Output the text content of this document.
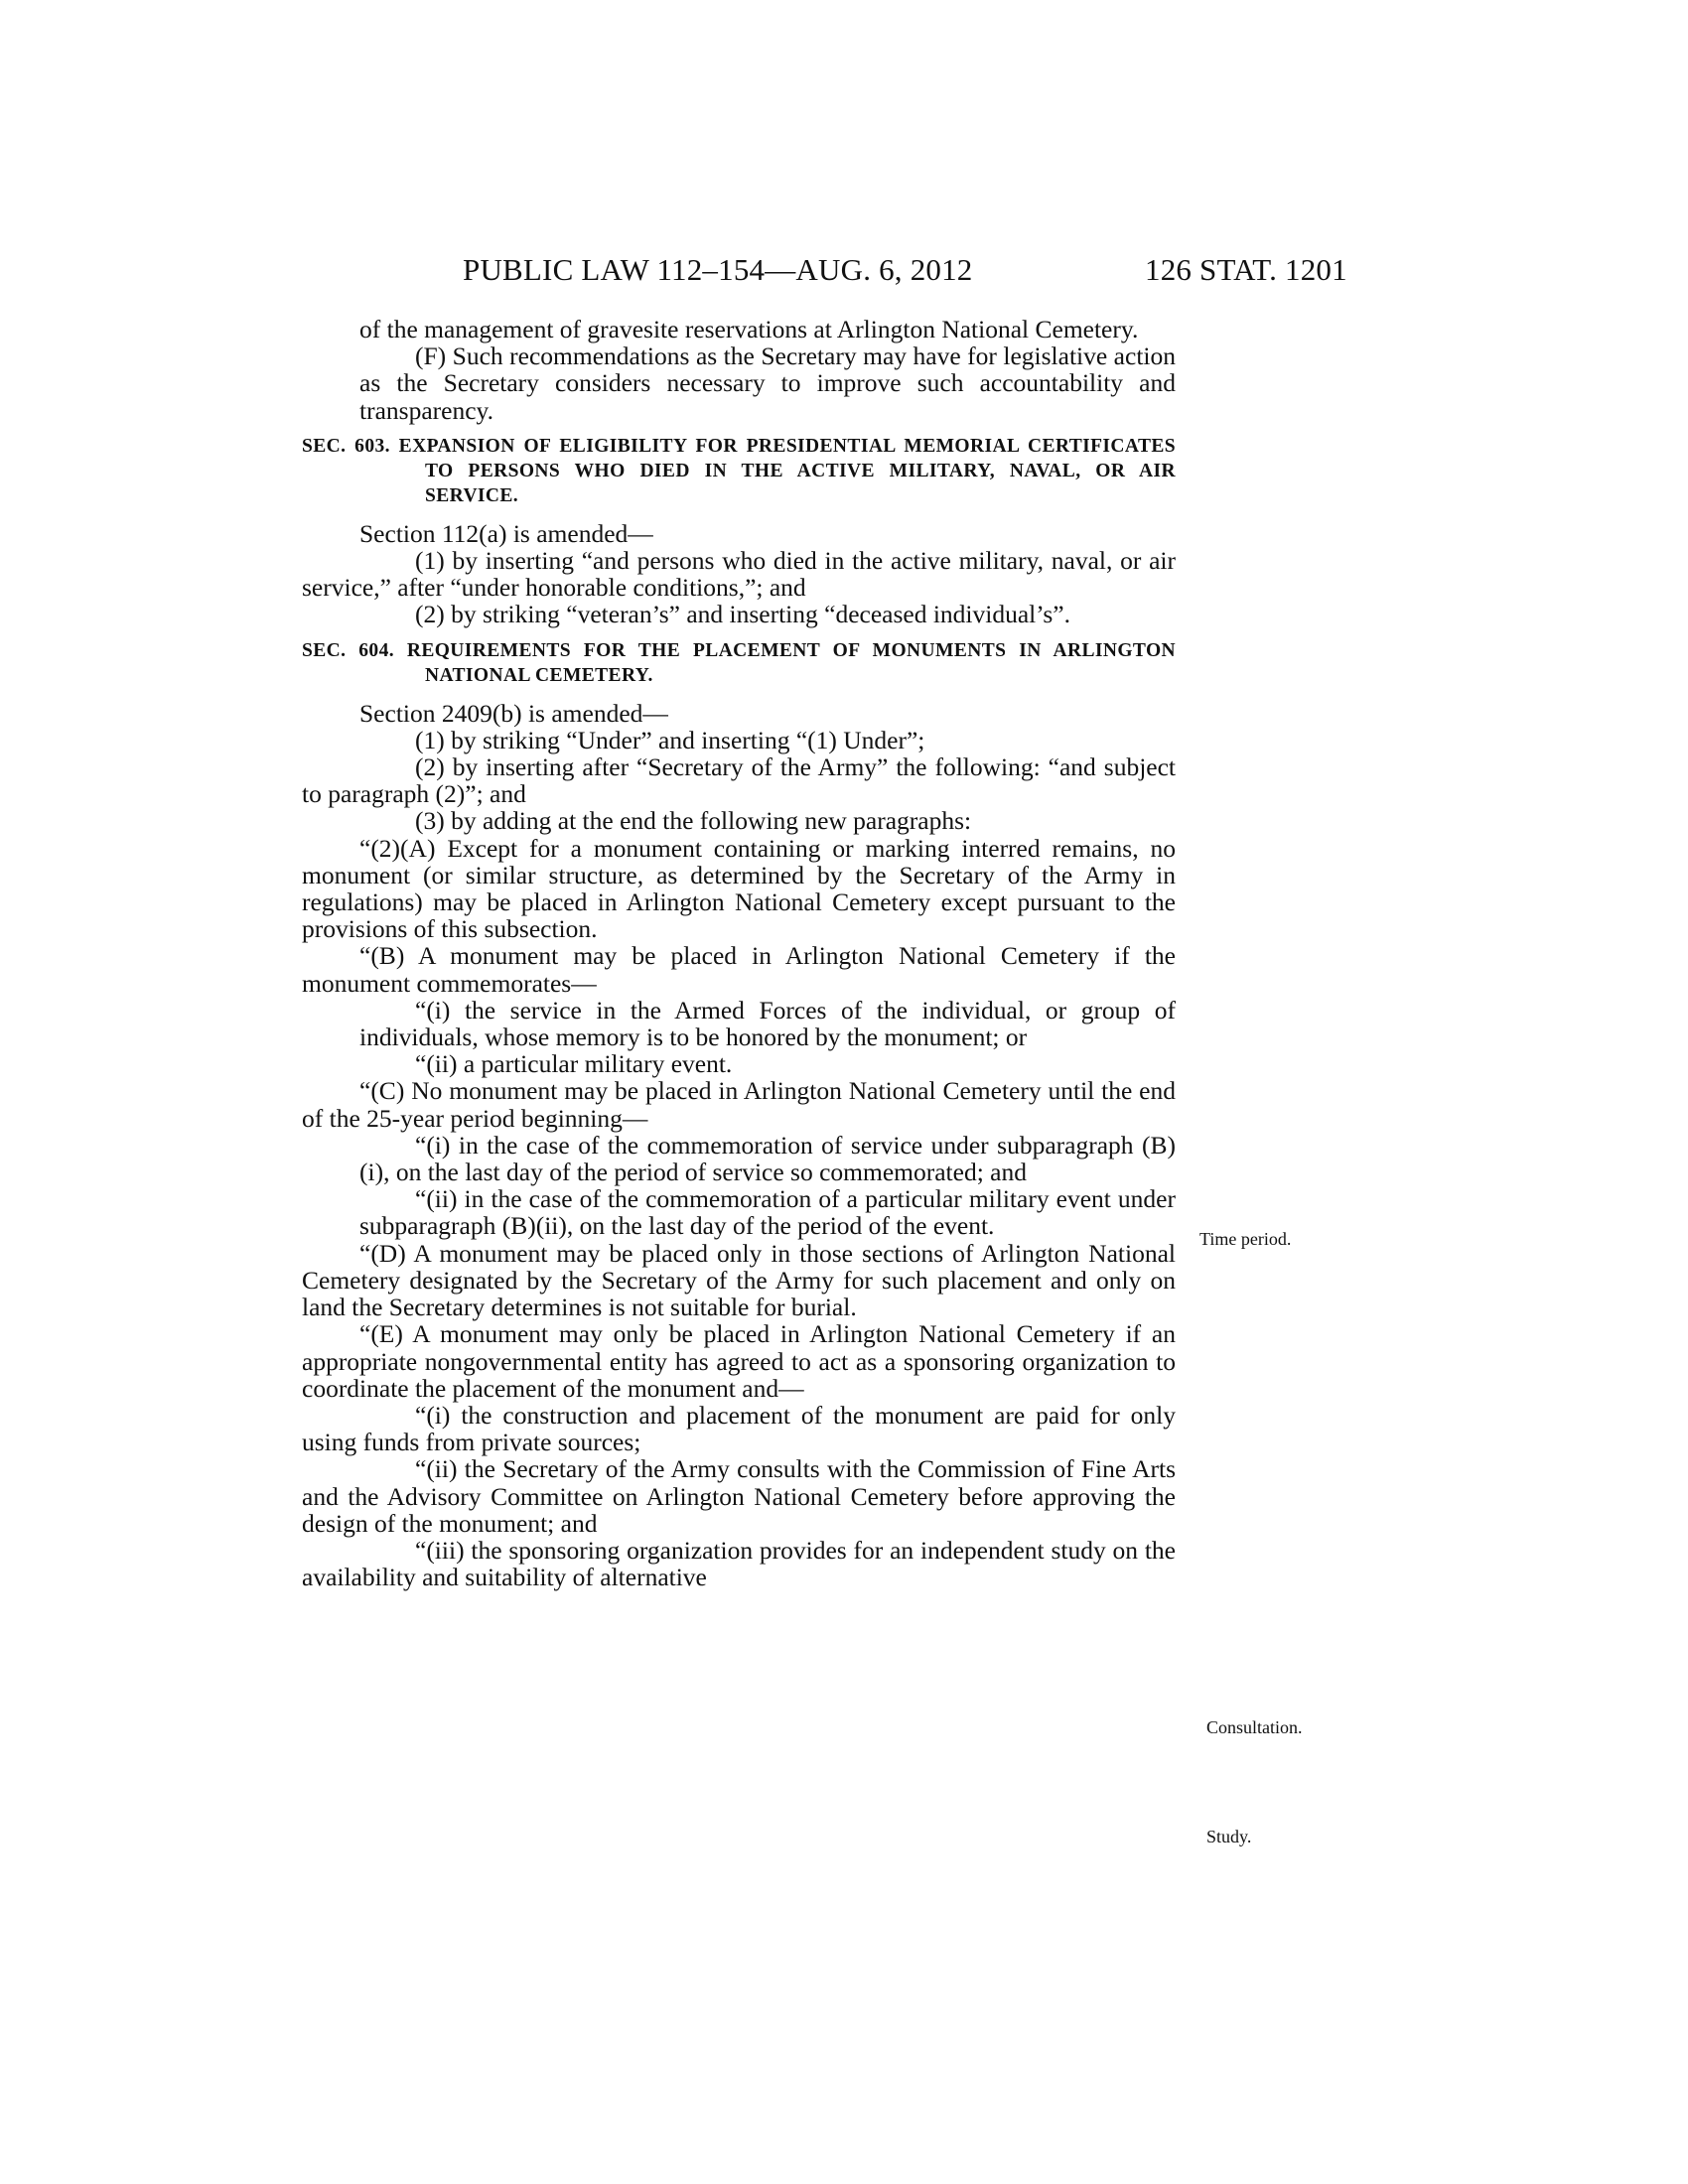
PUBLIC LAW 112–154—AUG. 6, 2012	126 STAT. 1201

of the management of gravesite reservations at Arlington National Cemetery.

(F) Such recommendations as the Secretary may have for legislative action as the Secretary considers necessary to improve such accountability and transparency.

SEC. 603. EXPANSION OF ELIGIBILITY FOR PRESIDENTIAL MEMORIAL CERTIFICATES TO PERSONS WHO DIED IN THE ACTIVE MILITARY, NAVAL, OR AIR SERVICE.

Section 112(a) is amended—

(1) by inserting “and persons who died in the active military, naval, or air service,” after “under honorable conditions,”; and

(2) by striking “veteran’s” and inserting “deceased individual’s”.

SEC. 604. REQUIREMENTS FOR THE PLACEMENT OF MONUMENTS IN ARLINGTON NATIONAL CEMETERY.

Section 2409(b) is amended—

(1) by striking “Under” and inserting “(1) Under”;

(2) by inserting after “Secretary of the Army” the following: “and subject to paragraph (2)”; and

(3) by adding at the end the following new paragraphs:

“(2)(A) Except for a monument containing or marking interred remains, no monument (or similar structure, as determined by the Secretary of the Army in regulations) may be placed in Arlington National Cemetery except pursuant to the provisions of this subsection.

“(B) A monument may be placed in Arlington National Cemetery if the monument commemorates—

“(i) the service in the Armed Forces of the individual, or group of individuals, whose memory is to be honored by the monument; or

“(ii) a particular military event.

“(C) No monument may be placed in Arlington National Cemetery until the end of the 25-year period beginning—

“(i) in the case of the commemoration of service under subparagraph (B)(i), on the last day of the period of service so commemorated; and

“(ii) in the case of the commemoration of a particular military event under subparagraph (B)(ii), on the last day of the period of the event.

“(D) A monument may be placed only in those sections of Arlington National Cemetery designated by the Secretary of the Army for such placement and only on land the Secretary determines is not suitable for burial.

“(E) A monument may only be placed in Arlington National Cemetery if an appropriate nongovernmental entity has agreed to act as a sponsoring organization to coordinate the placement of the monument and—

“(i) the construction and placement of the monument are paid for only using funds from private sources;

“(ii) the Secretary of the Army consults with the Commission of Fine Arts and the Advisory Committee on Arlington National Cemetery before approving the design of the monument; and

“(iii) the sponsoring organization provides for an independent study on the availability and suitability of alternative

Time period.
Consultation.
Study.
